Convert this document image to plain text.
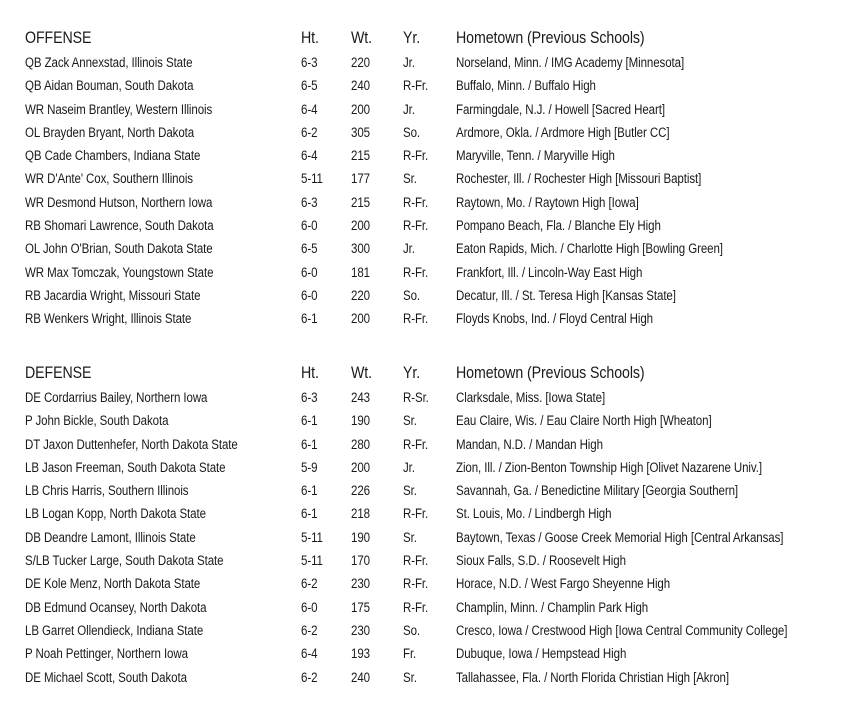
OFFENSE	Ht. Wt. Yr. Hometown (Previous Schools)
QB Zack Annexstad, Illinois State	6-3	220 Jr.	Norseland, Minn. / IMG Academy [Minnesota]
QB Aidan Bouman, South Dakota	6-5	240 R-Fr. Buffalo, Minn. / Buffalo High
WR Naseim Brantley, Western Illinois	6-4	200 Jr.	Farmingdale, N.J. / Howell [Sacred Heart]
OL Brayden Bryant, North Dakota	6-2	305 So.	Ardmore, Okla. / Ardmore High [Butler CC]
QB Cade Chambers, Indiana State	6-4	215 R-Fr. Maryville, Tenn. / Maryville High
WR D'Ante' Cox, Southern Illinois	5-11 177 Sr.	Rochester, Ill. / Rochester High [Missouri Baptist]
WR Desmond Hutson, Northern Iowa	6-3	215 R-Fr. Raytown, Mo. / Raytown High [Iowa]
RB Shomari Lawrence, South Dakota	6-0	200 R-Fr. Pompano Beach, Fla. / Blanche Ely High
OL John O'Brian, South Dakota State	6-5	300 Jr.	Eaton Rapids, Mich. / Charlotte High [Bowling Green]
WR Max Tomczak, Youngstown State	6-0	181 R-Fr. Frankfort, Ill. / Lincoln-Way East High
RB Jacardia Wright, Missouri State	6-0	220 So.	Decatur, Ill. / St. Teresa High [Kansas State]
RB Wenkers Wright, Illinois State	6-1	200 R-Fr. Floyds Knobs, Ind. / Floyd Central High
DEFENSE	Ht. Wt. Yr. Hometown (Previous Schools)
DE Cordarrius Bailey, Northern Iowa	6-3	243 R-Sr. Clarksdale, Miss. [Iowa State]
P John Bickle, South Dakota	6-1	190 Sr.	Eau Claire, Wis. / Eau Claire North High [Wheaton]
DT Jaxon Duttenhefer, North Dakota State	6-1	280 R-Fr. Mandan, N.D. / Mandan High
LB Jason Freeman, South Dakota State	5-9	200 Jr.	Zion, Ill. / Zion-Benton Township High [Olivet Nazarene Univ.]
LB Chris Harris, Southern Illinois	6-1	226 Sr.	Savannah, Ga. / Benedictine Military [Georgia Southern]
LB Logan Kopp, North Dakota State	6-1	218 R-Fr. St. Louis, Mo. / Lindbergh High
DB Deandre Lamont, Illinois State	5-11 190 Sr.	Baytown, Texas / Goose Creek Memorial High [Central Arkansas]
S/LB Tucker Large, South Dakota State	5-11 170 R-Fr. Sioux Falls, S.D. / Roosevelt High
DE Kole Menz, North Dakota State	6-2	230 R-Fr. Horace, N.D. / West Fargo Sheyenne High
DB Edmund Ocansey, North Dakota	6-0	175 R-Fr. Champlin, Minn. / Champlin Park High
LB Garret Ollendieck, Indiana State	6-2	230 So.	Cresco, Iowa / Crestwood High [Iowa Central Community College]
P Noah Pettinger, Northern Iowa	6-4	193 Fr.	Dubuque, Iowa / Hempstead High
DE Michael Scott, South Dakota	6-2	240 Sr.	Tallahassee, Fla. / North Florida Christian High [Akron]
